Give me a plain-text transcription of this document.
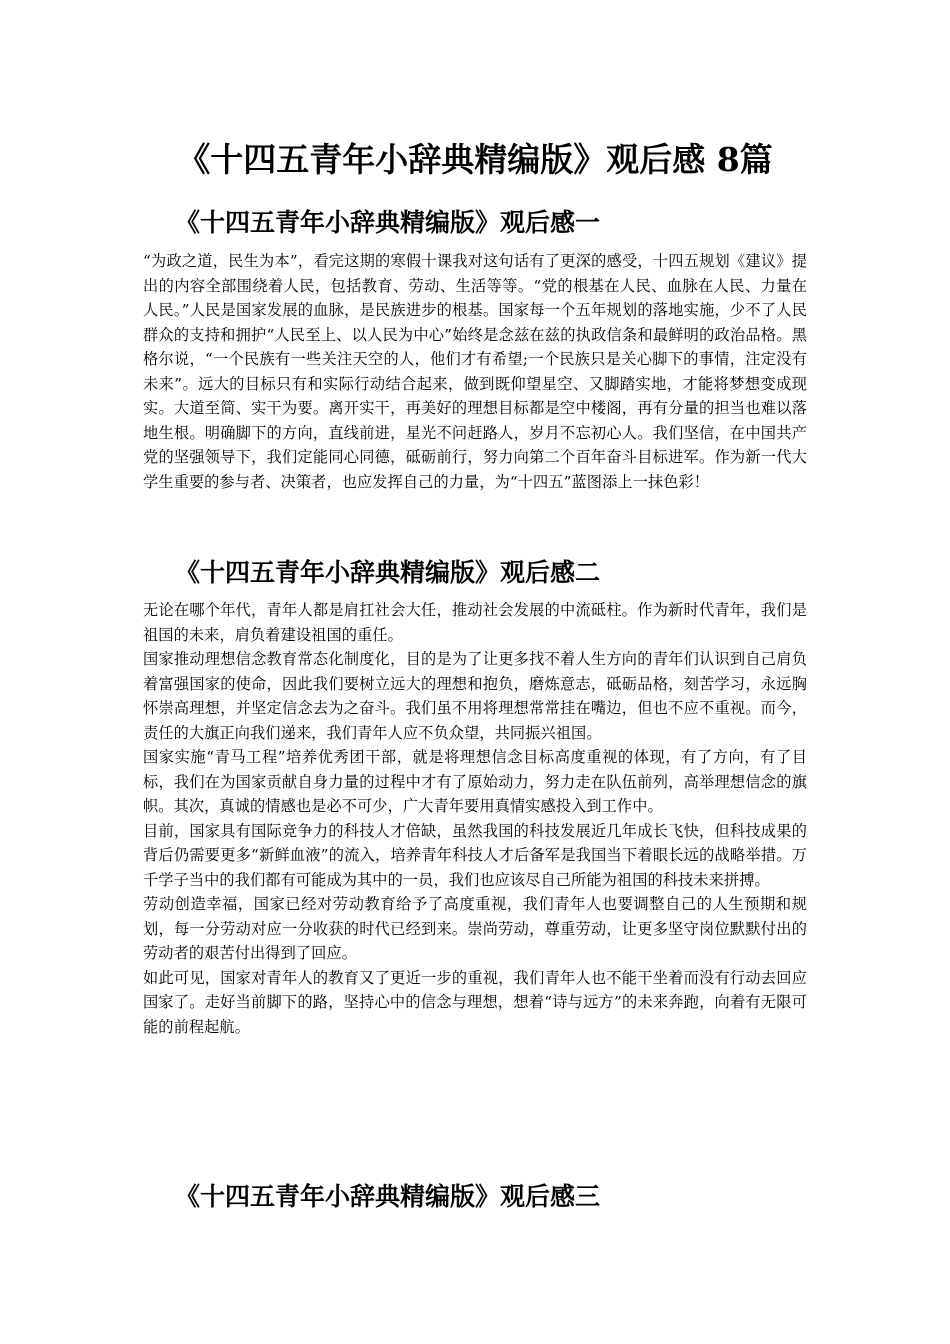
《十四五青年小辞典精编版》观后感 8篇
《十四五青年小辞典精编版》观后感一

“为政之道，民生为本”，看完这期的寒假十课我对这句话有了更深的感受，十四五规划《建议》提出的内容全部围绕着人民，包括教育、劳动、生活等等。“党的根基在人民、血脉在人民、力量在人民。”人民是国家发展的血脉，是民族进步的根基。国家每一个五年规划的落地实施，少不了人民群众的支持和拥护“人民至上、以人民为中心”始终是念兹在兹的执政信条和最鲜明的政治品格。黑格尔说，“一个民族有一些关注天空的人，他们才有希望;一个民族只是关心脚下的事情，注定没有未来”。远大的目标只有和实际行动结合起来，做到既仰望星空、又脚踏实地，才能将梦想变成现实。大道至简、实干为要。离开实干，再美好的理想目标都是空中楼阁，再有分量的担当也难以落地生根。明确脚下的方向，直线前进，星光不问赶路人，岁月不忘初心人。我们坚信，在中国共产党的坚强领导下，我们定能同心同德，砥砺前行，努力向第二个百年奋斗目标进军。作为新一代大学生重要的参与者、决策者，也应发挥自己的力量，为“十四五”蓝图添上一抹色彩！

《十四五青年小辞典精编版》观后感二

无论在哪个年代，青年人都是肩扛社会大任，推动社会发展的中流砥柱。作为新时代青年，我们是祖国的未来，肩负着建设祖国的重任。

国家推动理想信念教育常态化制度化，目的是为了让更多找不着人生方向的青年们认识到自己肩负着富强国家的使命，因此我们要树立远大的理想和抱负，磨炼意志，砥砺品格，刻苦学习，永远胸怀崇高理想，并坚定信念去为之奋斗。我们虽不用将理想常常挂在嘴边，但也不应不重视。而今，责任的大旗正向我们递来，我们青年人应不负众望，共同振兴祖国。

国家实施“青马工程”培养优秀团干部，就是将理想信念目标高度重视的体现，有了方向，有了目标，我们在为国家贡献自身力量的过程中才有了原始动力，努力走在队伍前列，高举理想信念的旗帜。其次，真诚的情感也是必不可少，广大青年要用真情实感投入到工作中。

目前，国家具有国际竞争力的科技人才倍缺，虽然我国的科技发展近几年成长飞快，但科技成果的背后仍需要更多“新鲜血液”的流入，培养青年科技人才后备军是我国当下着眼长远的战略举措。万千学子当中的我们都有可能成为其中的一员，我们也应该尽自己所能为祖国的科技未来拼搏。

劳动创造幸福，国家已经对劳动教育给予了高度重视，我们青年人也要调整自己的人生预期和规划，每一分劳动对应一分收获的时代已经到来。崇尚劳动，尊重劳动，让更多坚守岗位默默付出的劳动者的艰苦付出得到了回应。

如此可见，国家对青年人的教育又了更近一步的重视，我们青年人也不能干坐着而没有行动去回应国家了。走好当前脚下的路，坚持心中的信念与理想，想着“诗与远方”的未来奔跑，向着有无限可能的前程起航。

《十四五青年小辞典精编版》观后感三
